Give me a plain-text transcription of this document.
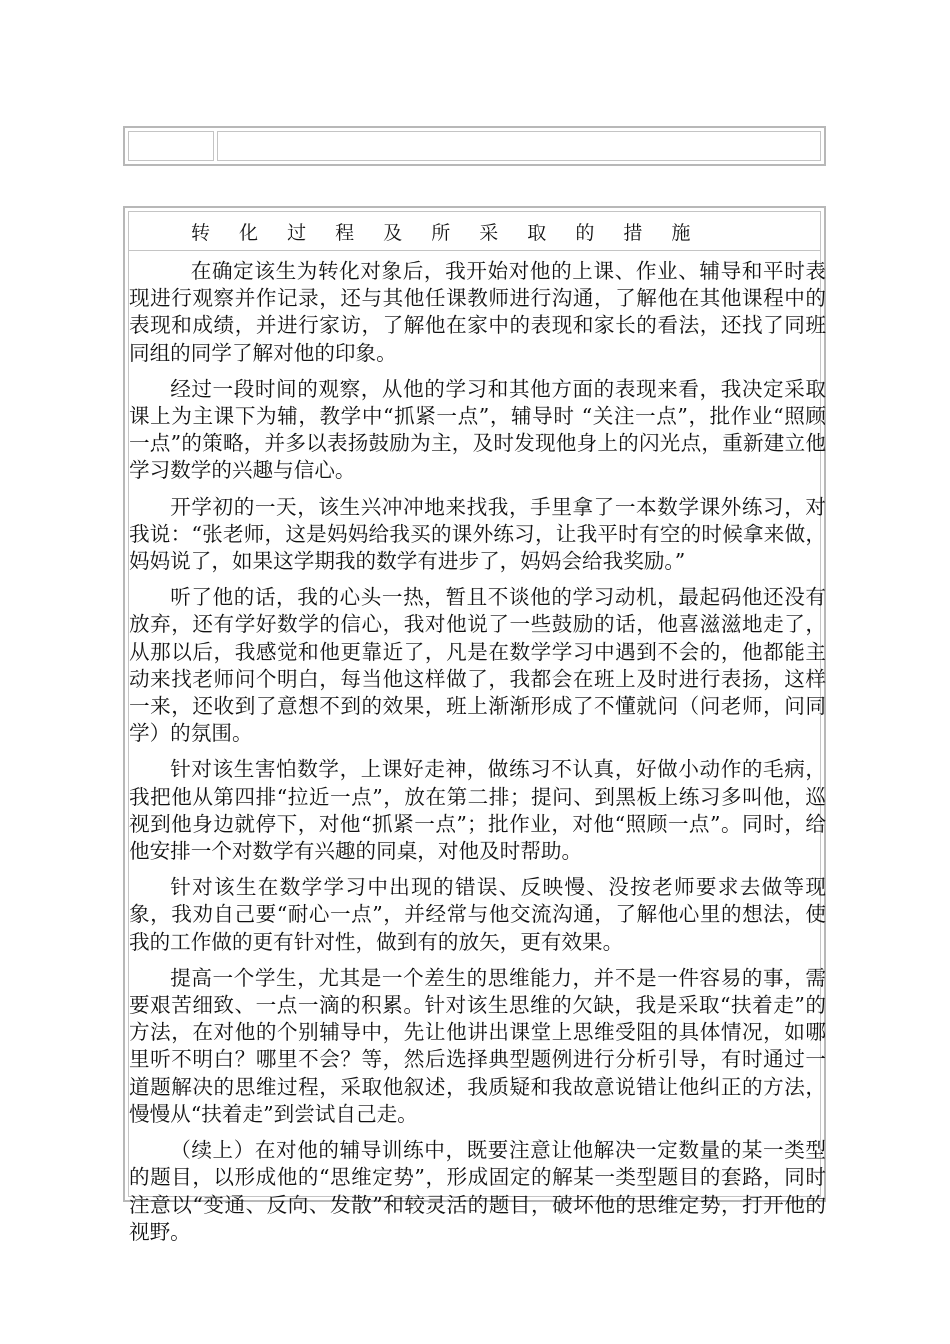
转 化 过 程 及 所 采 取 的 措 施

在确定该生为转化对象后，我开始对他的上课、作业、辅导和平时表现进行观察并作记录，还与其他任课教师进行沟通，了解他在其他课程中的表现和成绩，并进行家访，了解他在家中的表现和家长的看法，还找了同班同组的同学了解对他的印象。

经过一段时间的观察，从他的学习和其他方面的表现来看，我决定采取课上为主课下为辅，教学中“抓紧一点”，辅导时 “关注一点”，批作业“照顾一点”的策略，并多以表扬鼓励为主，及时发现他身上的闪光点，重新建立他学习数学的兴趣与信心。

开学初的一天，该生兴冲冲地来找我，手里拿了一本数学课外练习，对我说：“张老师，这是妈妈给我买的课外练习，让我平时有空的时候拿来做，妈妈说了，如果这学期我的数学有进步了，妈妈会给我奖励。”

听了他的话，我的心头一热，暂且不谈他的学习动机，最起码他还没有放弃，还有学好数学的信心，我对他说了一些鼓励的话，他喜滋滋地走了，从那以后，我感觉和他更靠近了，凡是在数学学习中遇到不会的，他都能主动来找老师问个明白，每当他这样做了，我都会在班上及时进行表扬，这样一来，还收到了意想不到的效果，班上渐渐形成了不懂就问（问老师，问同学）的氛围。

针对该生害怕数学，上课好走神，做练习不认真，好做小动作的毛病，我把他从第四排“拉近一点”，放在第二排；提问、到黑板上练习多叫他，巡视到他身边就停下，对他“抓紧一点”；批作业，对他“照顾一点”。同时，给他安排一个对数学有兴趣的同桌，对他及时帮助。

针对该生在数学学习中出现的错误、反映慢、没按老师要求去做等现象，我劝自己要“耐心一点”，并经常与他交流沟通，了解他心里的想法，使我的工作做的更有针对性，做到有的放矢，更有效果。

提高一个学生，尤其是一个差生的思维能力，并不是一件容易的事，需要艰苦细致、一点一滴的积累。针对该生思维的欠缺，我是采取“扶着走”的方法，在对他的个别辅导中，先让他讲出课堂上思维受阻的具体情况，如哪里听不明白？哪里不会？等，然后选择典型题例进行分析引导，有时通过一道题解决的思维过程，采取他叙述，我质疑和我故意说错让他纠正的方法，慢慢从“扶着走”到尝试自己走。

（续上）在对他的辅导训练中，既要注意让他解决一定数量的某一类型的题目，以形成他的“思维定势”，形成固定的解某一类型题目的套路，同时注意以“变通、反向、发散”和较灵活的题目，破坏他的思维定势，打开他的视野。
